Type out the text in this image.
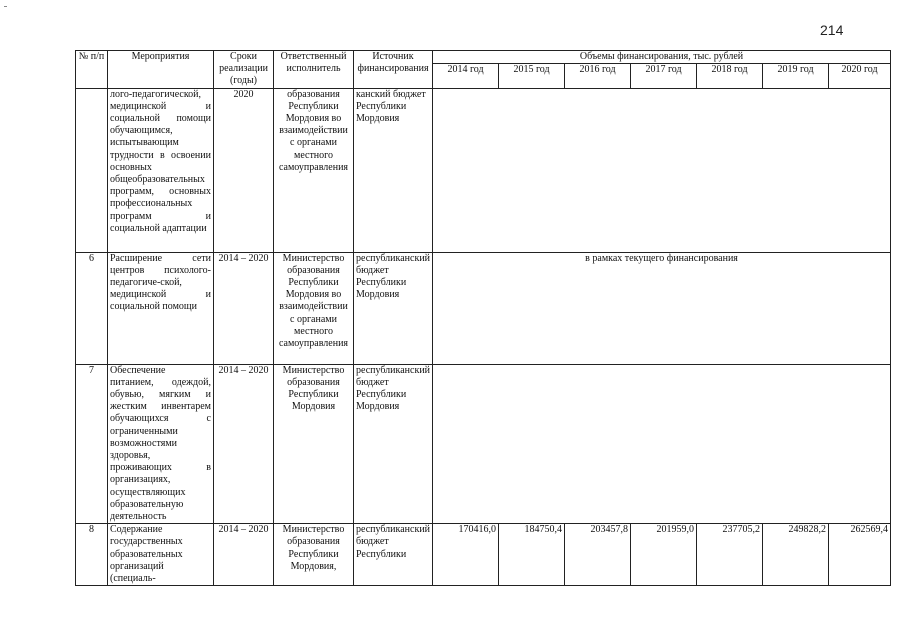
214
№ п/п	Мероприятия	Сроки реализации (годы)	Ответственный исполнитель	Источник финансирования	Объемы финансирования, тыс. рублей						
					2014 год	2015 год	2016 год	2017 год	2018 год	2019 год	2020 год
	лого-педагогической, медицинской и социальной помощи обучающимся, испытывающим трудности в освоении основных общеобразовательных программ, основных профессиональных программ и социальной адаптации	2020	образования Республики Мордовия во взаимодействии с органами местного самоуправления	канский бюджет Республики Мордовия							
6	Расширение сети центров психолого-педагогиче-ской, медицинской и социальной помощи	2014 – 2020	Министерство образования Республики Мордовия во взаимодействии с органами местного самоуправления	республиканский бюджет Республики Мордовия	в рамках текущего финансирования						
7	Обеспечение питанием, одеждой, обувью, мягким и жестким инвентарем обучающихся с ограниченными возможностями здоровья, проживающих в организациях, осуществляющих образовательную деятельность	2014 – 2020	Министерство образования Республики Мордовия	республиканский бюджет Республики Мордовия							
8	Содержание государственных образовательных организаций (специаль-	2014 – 2020	Министерство образования Республики Мордовия,	республиканский бюджет Республики	170416,0	184750,4	203457,8	201959,0	237705,2	249828,2	262569,4
